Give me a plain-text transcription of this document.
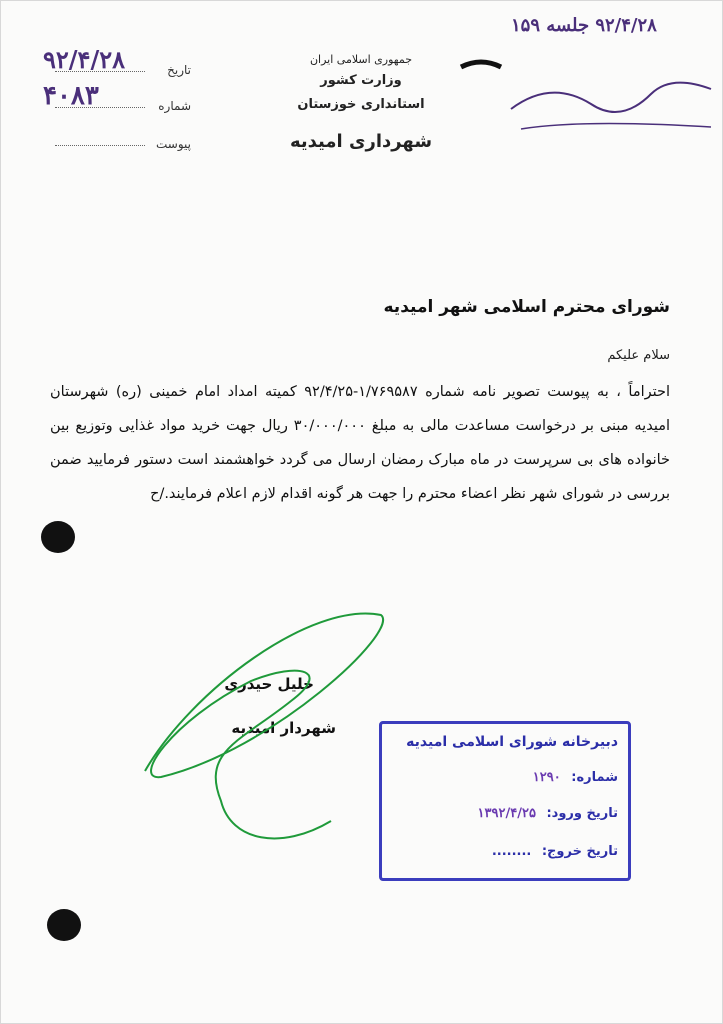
جمهوری اسلامی ایران
وزارت کشور
استانداری خوزستان
شهرداری امیدیه
تاریخ
شماره
پیوست
۹۲/۴/۲۸
۴۰۸۳
۹۲/۴/۲۸ جلسه ۱۵۹
شورای محترم اسلامی شهر امیدیه
سلام علیکم

احتراماً ، به پیوست تصویر نامه شماره ۱/۷۶۹۵۸۷-۹۲/۴/۲۵ کمیته امداد امام خمینی (ره) شهرستان امیدیه مبنی بر درخواست مساعدت مالی به مبلغ ۳۰/۰۰۰/۰۰۰ ریال جهت خرید مواد غذایی وتوزیع بین خانواده های بی سرپرست در ماه مبارک رمضان ارسال می گردد خواهشمند است دستور فرمایید ضمن بررسی در شورای شهر نظر اعضاء محترم را جهت هر گونه اقدام لازم اعلام فرمایند./ح

خلیل حیدری
شهردار امیدیه
دبیرخانه شورای اسلامی امیدیه
شماره: ۱۲۹۰
تاریخ ورود: ۱۳۹۲/۴/۲۵
تاریخ خروج: ........
